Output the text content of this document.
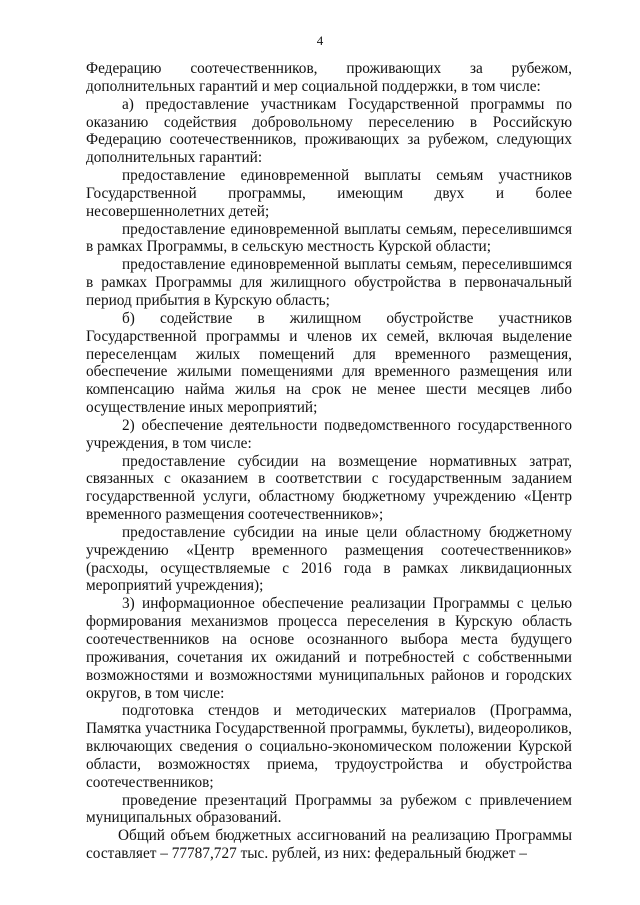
4

Федерацию соотечественников, проживающих за рубежом, дополнительных гарантий и мер социальной поддержки, в том числе:

а) предоставление участникам Государственной программы по оказанию содействия добровольному переселению в Российскую Федерацию соотечественников, проживающих за рубежом, следующих дополнительных гарантий:

предоставление единовременной выплаты семьям участников Государственной программы, имеющим двух и более несовершеннолетних детей;

предоставление единовременной выплаты семьям, переселившимся в рамках Программы, в сельскую местность Курской области;

предоставление единовременной выплаты семьям, переселившимся в рамках Программы для жилищного обустройства в первоначальный период прибытия в Курскую область;

б) содействие в жилищном обустройстве участников Государственной программы и членов их семей, включая выделение переселенцам жилых помещений для временного размещения, обеспечение жилыми помещениями для временного размещения или компенсацию найма жилья на срок не менее шести месяцев либо осуществление иных мероприятий;

2) обеспечение деятельности подведомственного государственного учреждения, в том числе:

предоставление субсидии на возмещение нормативных затрат, связанных с оказанием в соответствии с государственным заданием государственной услуги, областному бюджетному учреждению «Центр временного размещения соотечественников»;

предоставление субсидии на иные цели областному бюджетному учреждению «Центр временного размещения соотечественников» (расходы, осуществляемые с 2016 года в рамках ликвидационных мероприятий учреждения);

3) информационное обеспечение реализации Программы с целью формирования механизмов процесса переселения в Курскую область соотечественников на основе осознанного выбора места будущего проживания, сочетания их ожиданий и потребностей с собственными возможностями и возможностями муниципальных районов и городских округов, в том числе:

подготовка стендов и методических материалов (Программа, Памятка участника Государственной программы, буклеты), видеороликов, включающих сведения о социально-экономическом положении Курской области, возможностях приема, трудоустройства и обустройства соотечественников;

проведение презентаций Программы за рубежом с привлечением муниципальных образований.

Общий объем бюджетных ассигнований на реализацию Программы составляет – 77787,727 тыс. рублей, из них: федеральный бюджет –
